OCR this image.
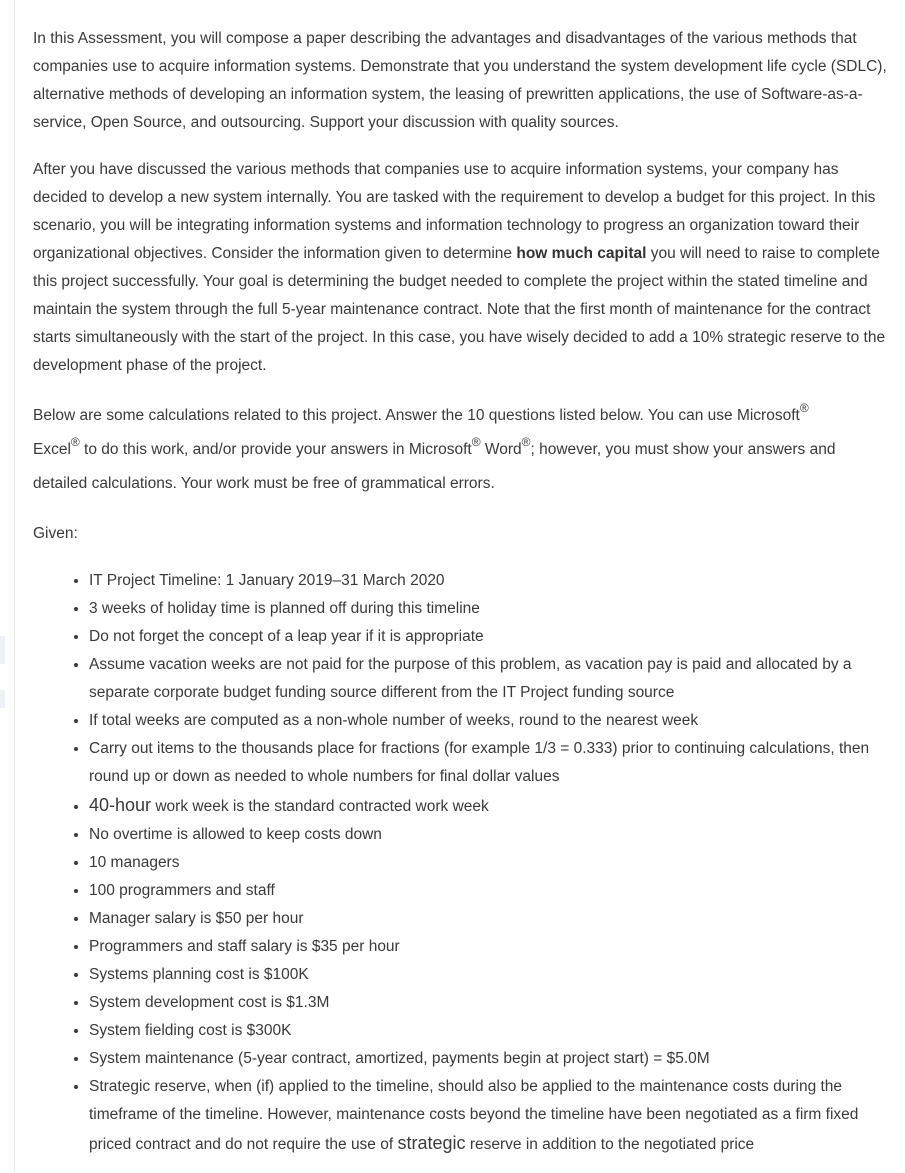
In this Assessment, you will compose a paper describing the advantages and disadvantages of the various methods that companies use to acquire information systems. Demonstrate that you understand the system development life cycle (SDLC), alternative methods of developing an information system, the leasing of prewritten applications, the use of Software-as-a-service, Open Source, and outsourcing. Support your discussion with quality sources.

After you have discussed the various methods that companies use to acquire information systems, your company has decided to develop a new system internally. You are tasked with the requirement to develop a budget for this project. In this scenario, you will be integrating information systems and information technology to progress an organization toward their organizational objectives. Consider the information given to determine how much capital you will need to raise to complete this project successfully. Your goal is determining the budget needed to complete the project within the stated timeline and maintain the system through the full 5-year maintenance contract. Note that the first month of maintenance for the contract starts simultaneously with the start of the project. In this case, you have wisely decided to add a 10% strategic reserve to the development phase of the project.

Below are some calculations related to this project. Answer the 10 questions listed below. You can use Microsoft®
Excel® to do this work, and/or provide your answers in Microsoft® Word®; however, you must show your answers and detailed calculations. Your work must be free of grammatical errors.

Given:

• IT Project Timeline: 1 January 2019–31 March 2020
• 3 weeks of holiday time is planned off during this timeline
• Do not forget the concept of a leap year if it is appropriate
• Assume vacation weeks are not paid for the purpose of this problem, as vacation pay is paid and allocated by a separate corporate budget funding source different from the IT Project funding source
• If total weeks are computed as a non-whole number of weeks, round to the nearest week
• Carry out items to the thousands place for fractions (for example 1/3 = 0.333) prior to continuing calculations, then round up or down as needed to whole numbers for final dollar values
• 40-hour work week is the standard contracted work week
• No overtime is allowed to keep costs down
• 10 managers
• 100 programmers and staff
• Manager salary is $50 per hour
• Programmers and staff salary is $35 per hour
• Systems planning cost is $100K
• System development cost is $1.3M
• System fielding cost is $300K
• System maintenance (5-year contract, amortized, payments begin at project start) = $5.0M
• Strategic reserve, when (if) applied to the timeline, should also be applied to the maintenance costs during the timeframe of the timeline. However, maintenance costs beyond the timeline have been negotiated as a firm fixed priced contract and do not require the use of strategic reserve in addition to the negotiated price
